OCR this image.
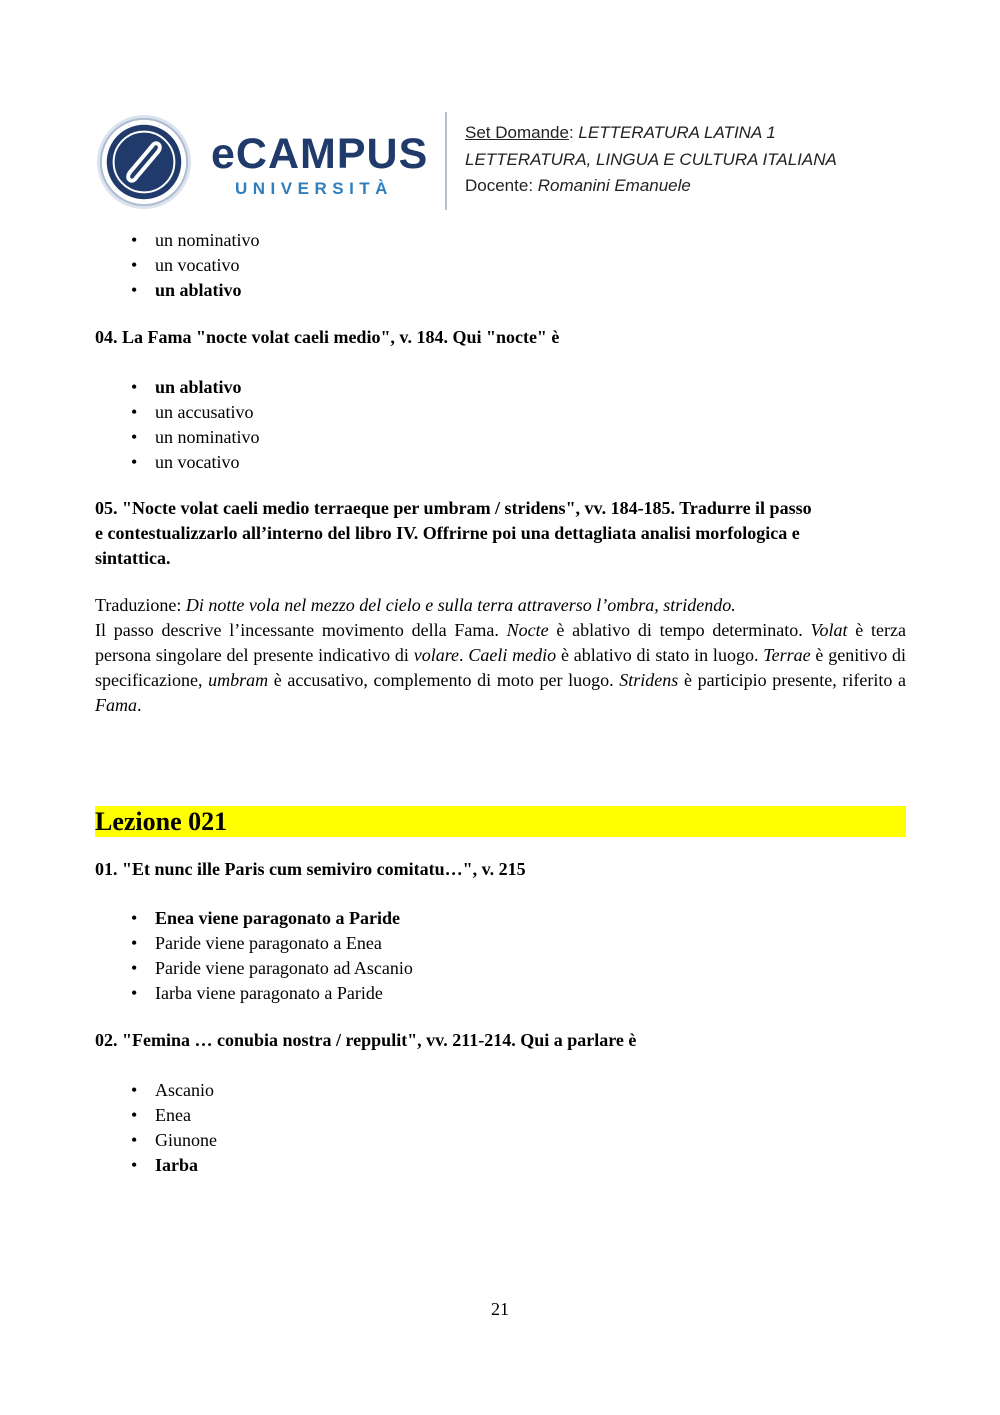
eCAMPUS
UNIVERSITÀ
Set Domande: LETTERATURA LATINA 1
LETTERATURA, LINGUA E CULTURA ITALIANA
Docente: Romanini Emanuele
• un nominativo
• un vocativo
• un ablativo

04. La Fama "nocte volat caeli medio", v. 184. Qui "nocte" è

• un ablativo
• un accusativo
• un nominativo
• un vocativo
05. "Nocte volat caeli medio terraeque per umbram / stridens", vv. 184-185. Tradurre il passo
e contestualizzarlo all’interno del libro IV. Offrirne poi una dettagliata analisi morfologica e
sintattica.

Traduzione: Di notte vola nel mezzo del cielo e sulla terra attraverso l’ombra, stridendo.

Il passo descrive l’incessante movimento della Fama. Nocte è ablativo di tempo determinato. Volat è terza persona singolare del presente indicativo di volare. Caeli medio è ablativo di stato in luogo. Terrae è genitivo di specificazione, umbram è accusativo, complemento di moto per luogo. Stridens è participio presente, riferito a Fama.

Lezione 021

01. "Et nunc ille Paris cum semiviro comitatu…", v. 215

• Enea viene paragonato a Paride
• Paride viene paragonato a Enea
• Paride viene paragonato ad Ascanio
• Iarba viene paragonato a Paride

02. "Femina … conubia nostra / reppulit", vv. 211-214. Qui a parlare è

• Ascanio
• Enea
• Giunone
• Iarba
21
